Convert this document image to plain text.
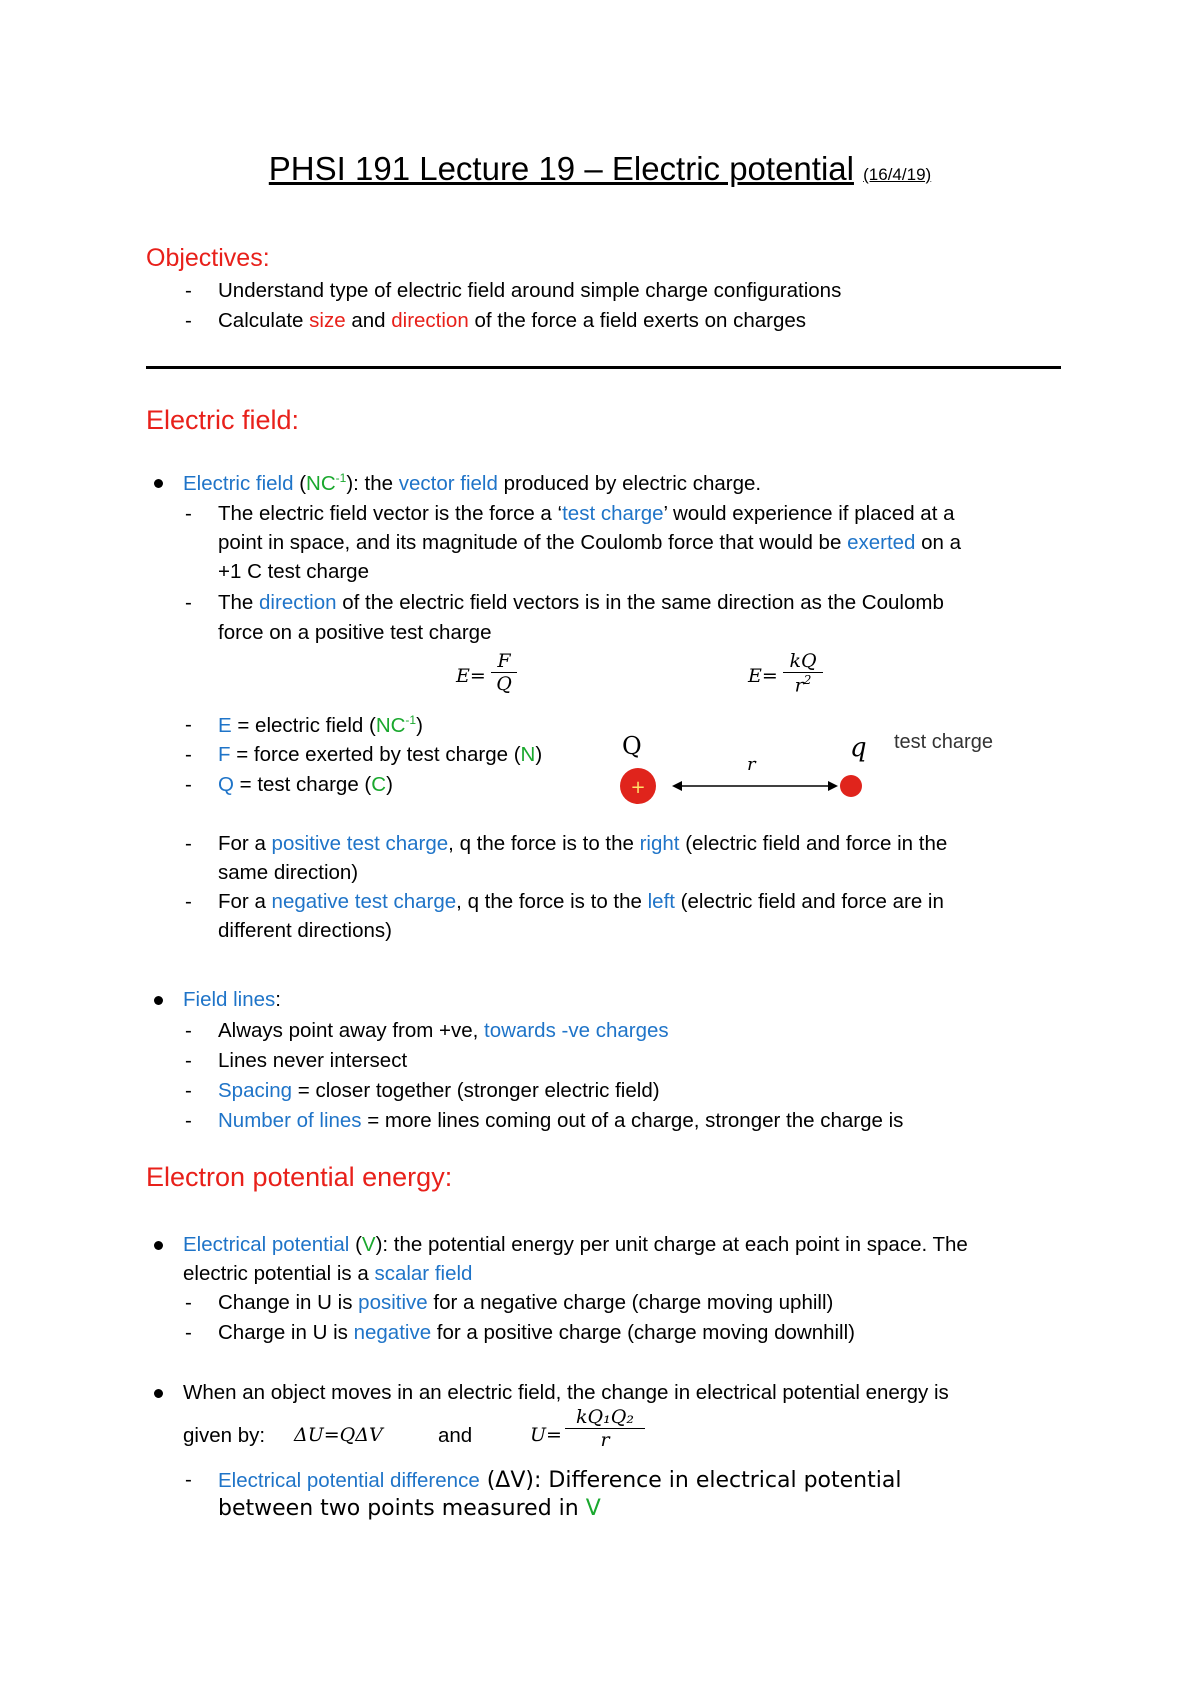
PHSI 191 Lecture 19 – Electric potential (16/4/19)
Objectives:
- Understand type of electric field around simple charge configurations
- Calculate size and direction of the force a field exerts on charges
Electric field:
Electric field $(NC^{-1})$: the vector field produced by electric charge.
- The electric field vector is the force a ‘test charge’ would experience if placed at a
point in space, and its magnitude of the Coulomb force that would be exerted on a
+1 C test charge
- The direction of the electric field vectors is in the same direction as the Coulomb
force on a positive test charge
$E= \frac{F}{Q}$	$E= \frac{kQ}{r^2}$
- E = electric field $(NC^{-1})$
- F = force exerted by test charge (N)
- Q = test charge (C)
Q
+
r
q test charge
- For a positive test charge, q the force is to the right (electric field and force in the
same direction)
- For a negative test charge, q the force is to the left (electric field and force are in
different directions)
Field lines:
- Always point away from +ve, towards -ve charges
- Lines never intersect
- Spacing = closer together (stronger electric field)
- Number of lines = more lines coming out of a charge, stronger the charge is
Electron potential energy:
Electrical potential (V): the potential energy per unit charge at each point in space. The
electric potential is a scalar field
- Change in U is positive for a negative charge (charge moving uphill)
- Charge in U is negative for a positive charge (charge moving downhill)
When an object moves in an electric field, the change in electrical potential energy is
given by: ΔU=QΔV	and	$U= \frac{\text{kQ₁Q₂}}{r}$
- Electrical potential difference (ΔV): Difference in electrical potential
between two points measured in V
